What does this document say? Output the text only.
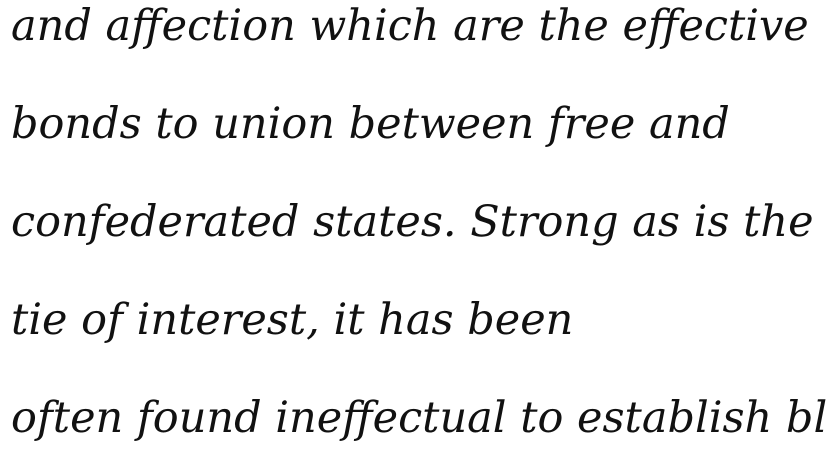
and affection which are the effective
bonds to union between free and
confederated states. Strong as is the
tie of interest, it has been
often found ineffectual to establish bl
